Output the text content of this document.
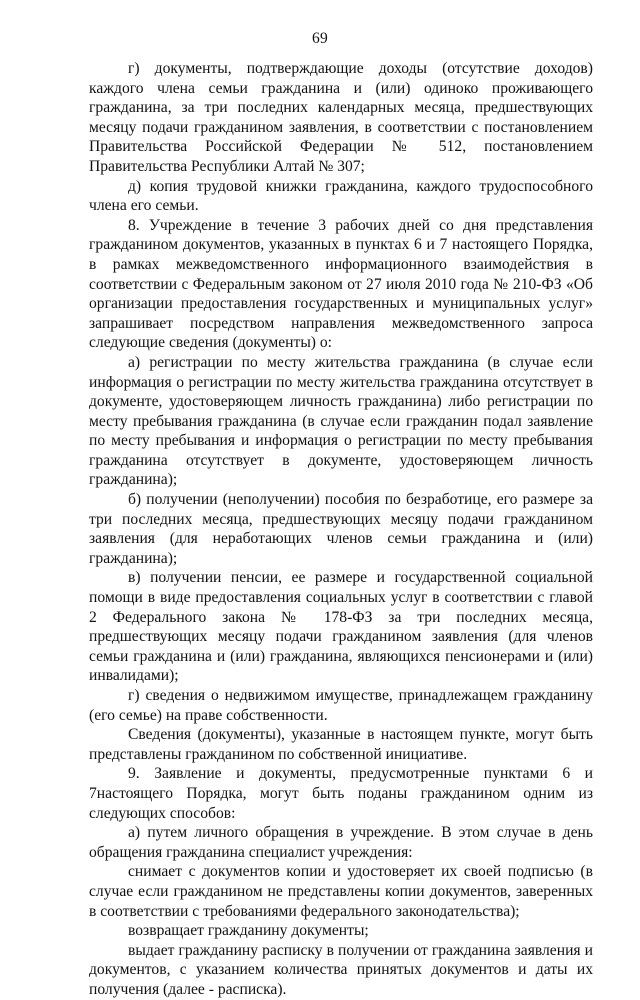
69

г) документы, подтверждающие доходы (отсутствие доходов) каждого члена семьи гражданина и (или) одиноко проживающего гражданина, за три последних календарных месяца, предшествующих месяцу подачи гражданином заявления, в соответствии с постановлением Правительства Российской Федерации № 512, постановлением Правительства Республики Алтай № 307;

д) копия трудовой книжки гражданина, каждого трудоспособного члена его семьи.

8. Учреждение в течение 3 рабочих дней со дня представления гражданином документов, указанных в пунктах 6 и 7 настоящего Порядка, в рамках межведомственного информационного взаимодействия в соответствии с Федеральным законом от 27 июля 2010 года № 210-ФЗ «Об организации предоставления государственных и муниципальных услуг» запрашивает посредством направления межведомственного запроса следующие сведения (документы) о:

а) регистрации по месту жительства гражданина (в случае если информация о регистрации по месту жительства гражданина отсутствует в документе, удостоверяющем личность гражданина) либо регистрации по месту пребывания гражданина (в случае если гражданин подал заявление по месту пребывания и информация о регистрации по месту пребывания гражданина отсутствует в документе, удостоверяющем личность гражданина);

б) получении (неполучении) пособия по безработице, его размере за три последних месяца, предшествующих месяцу подачи гражданином заявления (для неработающих членов семьи гражданина и (или) гражданина);

в) получении пенсии, ее размере и государственной социальной помощи в виде предоставления социальных услуг в соответствии с главой 2 Федерального закона № 178-ФЗ за три последних месяца, предшествующих месяцу подачи гражданином заявления (для членов семьи гражданина и (или) гражданина, являющихся пенсионерами и (или) инвалидами);

г) сведения о недвижимом имуществе, принадлежащем гражданину (его семье) на праве собственности.

Сведения (документы), указанные в настоящем пункте, могут быть представлены гражданином по собственной инициативе.

9. Заявление и документы, предусмотренные пунктами 6 и 7настоящего Порядка, могут быть поданы гражданином одним из следующих способов:

а) путем личного обращения в учреждение. В этом случае в день обращения гражданина специалист учреждения:

снимает с документов копии и удостоверяет их своей подписью (в случае если гражданином не представлены копии документов, заверенных в соответствии с требованиями федерального законодательства);

возвращает гражданину документы;

выдает гражданину расписку в получении от гражданина заявления и документов, с указанием количества принятых документов и даты их получения (далее - расписка).
